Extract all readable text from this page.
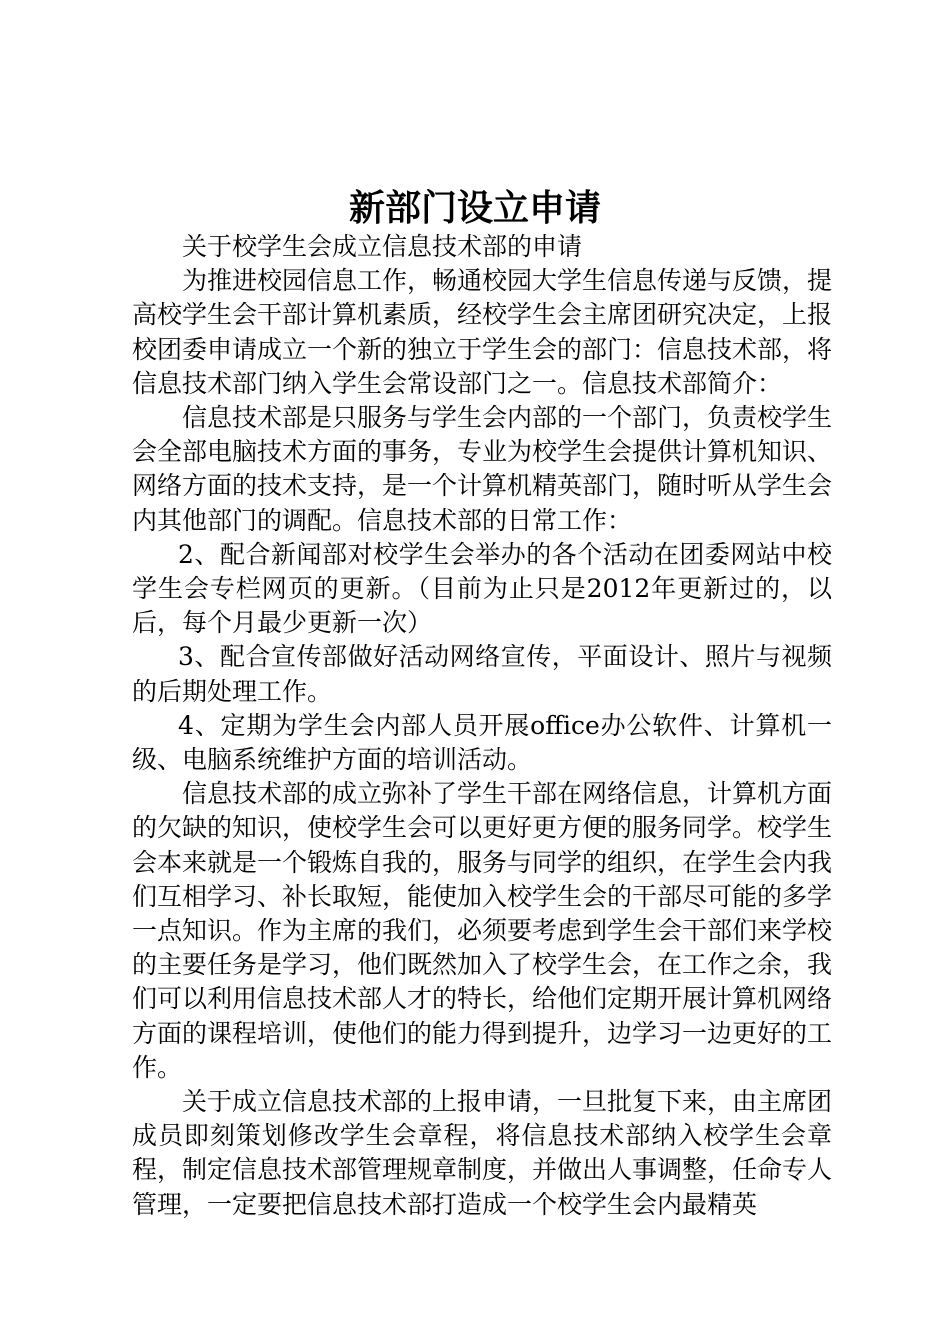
新部门设立申请

关于校学生会成立信息技术部的申请

为推进校园信息工作，畅通校园大学生信息传递与反馈，提高校学生会干部计算机素质，经校学生会主席团研究决定，上报校团委申请成立一个新的独立于学生会的部门：信息技术部，将信息技术部门纳入学生会常设部门之一。信息技术部简介：

信息技术部是只服务与学生会内部的一个部门，负责校学生会全部电脑技术方面的事务，专业为校学生会提供计算机知识、网络方面的技术支持，是一个计算机精英部门，随时听从学生会内其他部门的调配。信息技术部的日常工作：

2、配合新闻部对校学生会举办的各个活动在团委网站中校学生会专栏网页的更新。（目前为止只是2012年更新过的，以后，每个月最少更新一次）

3、配合宣传部做好活动网络宣传，平面设计、照片与视频的后期处理工作。

4、定期为学生会内部人员开展office办公软件、计算机一级、电脑系统维护方面的培训活动。

信息技术部的成立弥补了学生干部在网络信息，计算机方面的欠缺的知识，使校学生会可以更好更方便的服务同学。校学生会本来就是一个锻炼自我的，服务与同学的组织，在学生会内我们互相学习、补长取短，能使加入校学生会的干部尽可能的多学一点知识。作为主席的我们，必须要考虑到学生会干部们来学校的主要任务是学习，他们既然加入了校学生会，在工作之余，我们可以利用信息技术部人才的特长，给他们定期开展计算机网络方面的课程培训，使他们的能力得到提升，边学习一边更好的工作。

关于成立信息技术部的上报申请，一旦批复下来，由主席团成员即刻策划修改学生会章程，将信息技术部纳入校学生会章程，制定信息技术部管理规章制度，并做出人事调整，任命专人管理，一定要把信息技术部打造成一个校学生会内最精英
